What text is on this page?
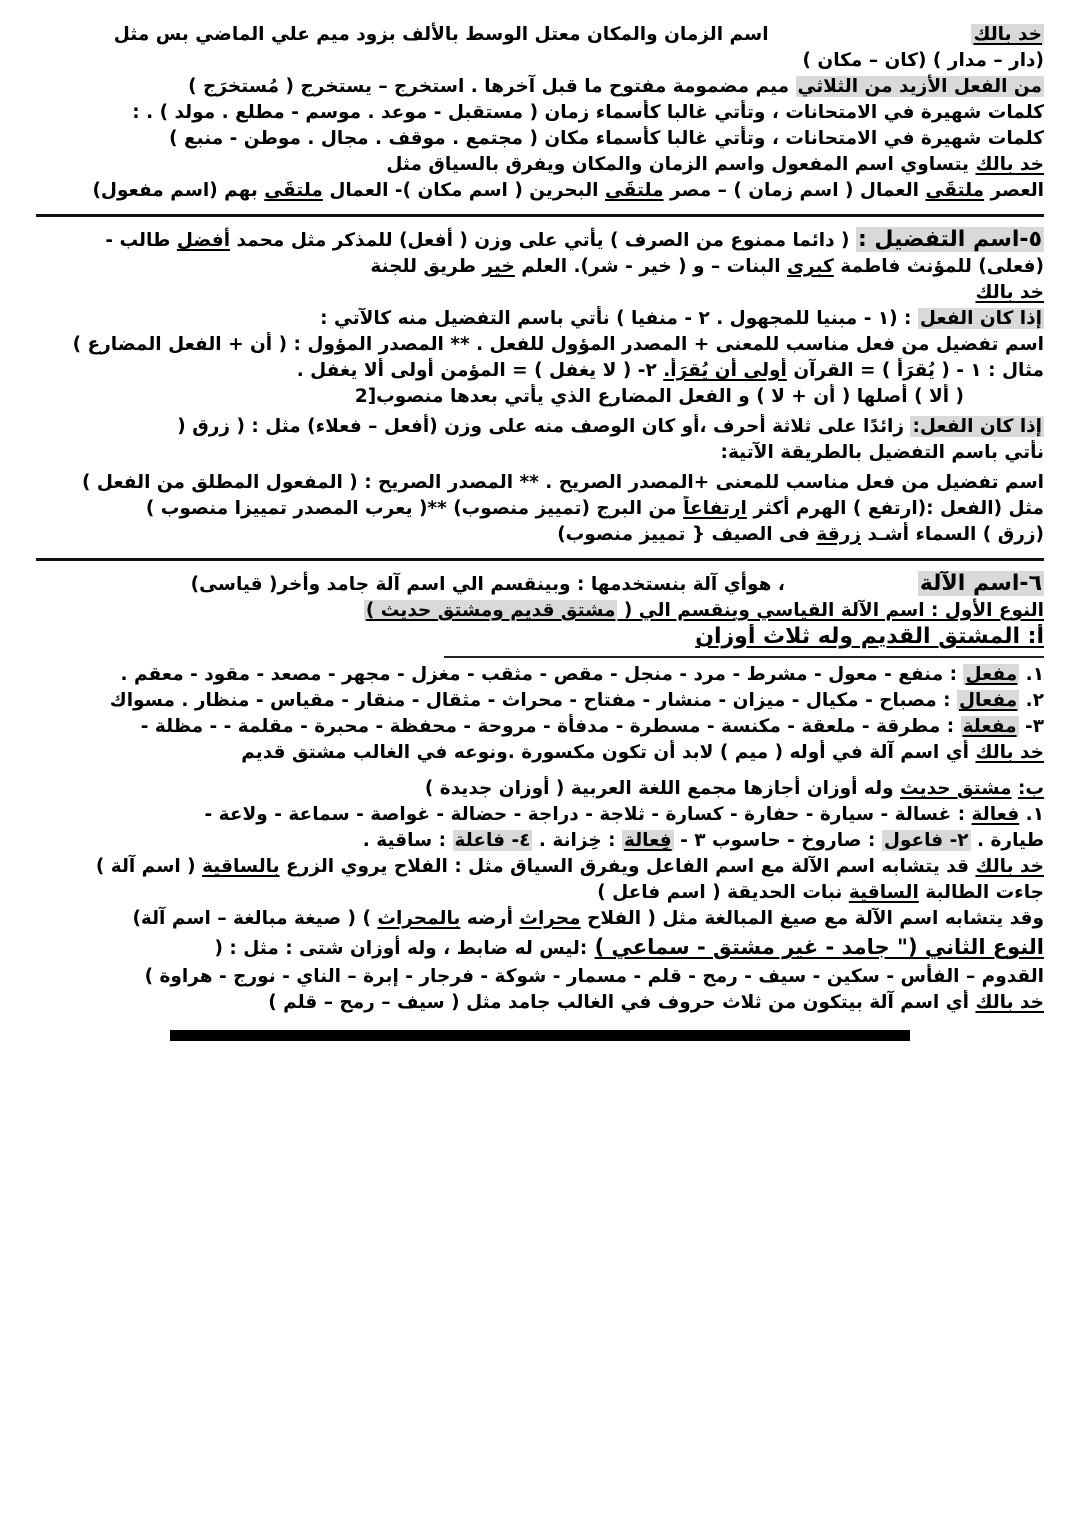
خد بالك  اسم الزمان والمكان معتل الوسط بالألف بزود ميم علي الماضي بس مثل
(دار – مدار ) (كان – مكان )
من الفعل الأزيد من الثلاثي ميم مضمومة مفتوح ما قبل آخرها . استخرج – يستخرج ( مُستخرَج )
كلمات شهيرة في الامتحانات ، وتأتي غالبا كأسماء زمان ( مستقبل - موعد . موسم - مطلع . مولد ) . :
كلمات شهيرة في الامتحانات ، وتأتي غالبا كأسماء مكان ( مجتمع . موقف . مجال . موطن - منبع )
خد بالك يتساوي اسم المفعول واسم الزمان والمكان ويفرق بالسياق مثل
العصر ملتقَى العمال ( اسم زمان ) – مصر ملتقَى البحرين ( اسم مكان )- العمال ملتقَى بهم (اسم مفعول)
٥-اسم التفضيل : ( دائما ممنوع من الصرف ) يأتي على وزن ( أفعل) للمذكر مثل محمد أفضل طالب -
(فعلى) للمؤنث فاطمة كبرى البنات – و ( خير - شر). العلم خير طريق للجنة
خد بالك
إذا كان الفعل : (١ - مبنيا للمجهول . ٢ - منفيا ) نأتي باسم التفضيل منه كالآتي :
اسم تفضيل من فعل مناسب للمعنى + المصدر المؤول للفعل . ** المصدر المؤول : ( أن + الفعل المضارع )
مثال : ١ - ( يُقرَأ ) = القرآن أولى أن يُقرَأ. ٢- ( لا يغفل ) = المؤمن أولى ألا يغفل .
( ألا ) أصلها ( أن + لا ) و الفعل المضارع الذي يأتي بعدها منصوب[2
إذا كان الفعل: زائدًا على ثلاثة أحرف ،أو كان الوصف منه على وزن (أفعل – فعلاء) مثل : ( زرق (
نأتي باسم التفضيل بالطريقة الآتية:
اسم تفضيل من فعل مناسب للمعنى +المصدر الصريح . ** المصدر الصريح : ( المفعول المطلق من الفعل )
مثل (الفعل :(ارتفع ) الهرم أكثر ارتفاعاً من البرج (تمييز منصوب) **( يعرب المصدر تمييزا منصوب )
(زرق ) السماء أشـد زرقة فى الصيف { تمييز منصوب)
٦-اسم الآلة  ، هوأي آلة بنستخدمها : وبينقسم الي اسم آلة جامد وأخر( قياسى)
النوع الأول : اسم الآلة القياسي وينقسم الي ( مشتق قديم ومشتق حديث )
أ: المشتق القديم وله ثلاث أوزان
١. مفعل : منفع - معول - مشرط - مرد - منجل - مقص - مثقب - مغزل - مجهر - مصعد - مقود - معقم .
٢. مفعال : مصباح - مكيال - ميزان - منشار - مفتاح - محراث - مثقال - منقار - مقياس - منظار . مسواك
٣- مفعلة : مطرقة - ملعقة - مكنسة - مسطرة - مدفأة - مروحة - محفظة - محبرة - مقلمة - - مظلة -
خد بالك أي اسم آلة في أوله ( ميم ) لابد أن تكون مكسورة .ونوعه في الغالب مشتق قديم
ب: مشتق حديث وله أوزان أجازها مجمع اللغة العربية ( أوزان جديدة )
١. فعالة : غسالة - سيارة - حفارة - كسارة - ثلاجة - دراجة - حضالة - غواصة - سماعة - ولاعة -
طيارة . ٢- فاعول : صاروخ - حاسوب ٣ - فِعالة : خِزانة . ٤- فاعلة : ساقية .
خد بالك قد يتشابه اسم الآلة مع اسم الفاعل ويفرق السياق مثل : الفلاح يروي الزرع بالساقية ( اسم آلة )
جاءت الطالبة الساقية نبات الحديقة ( اسم فاعل )
وقد يتشابه اسم الآلة مع صيغ المبالغة مثل ( الفلاح محراث أرضه بالمحراث ) ( صيغة مبالغة – اسم آلة)
النوع الثاني (" جامد - غير مشتق - سماعي ) :ليس له ضابط ، وله أوزان شتى : مثل : (
القدوم – الفأس - سكين - سيف - رمح - قلم - مسمار - شوكة - فرجار - إبرة – الناي - نورج - هراوة )
خد بالك أي اسم آلة بيتكون من ثلاث حروف في الغالب جامد مثل ( سيف – رمح – قلم )
